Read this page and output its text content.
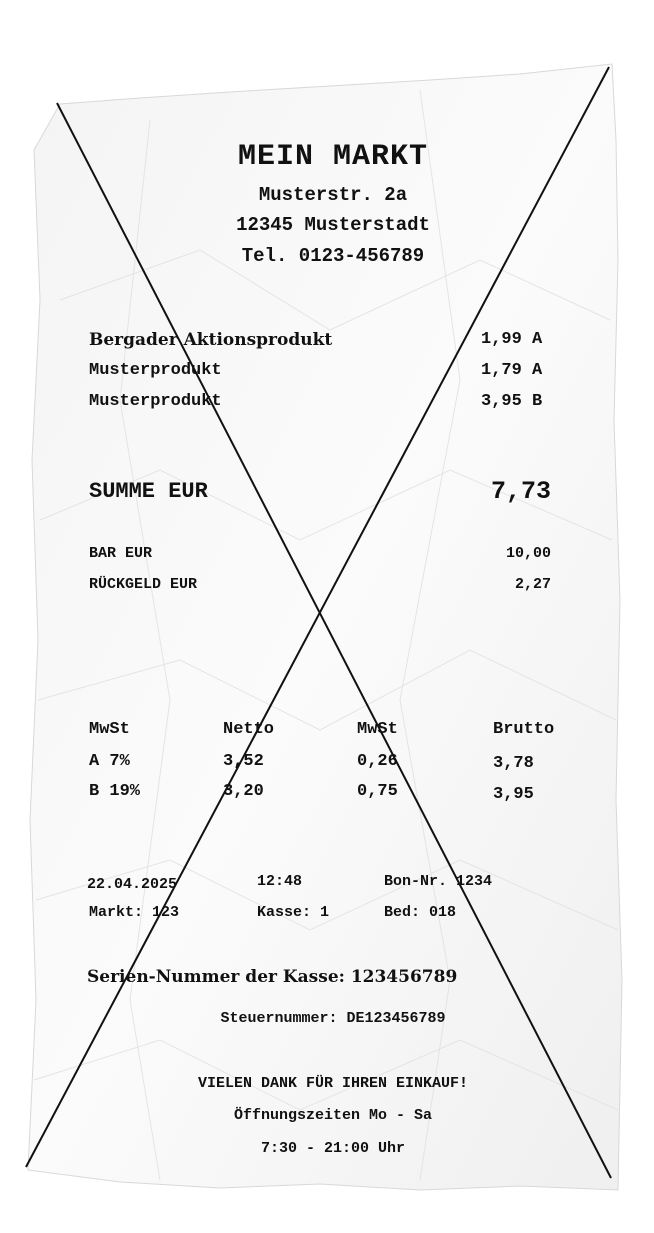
MEIN MARKT
Musterstr. 2a
12345 Musterstadt
Tel. 0123-456789
Bergader Aktionsprodukt	1,99 A
Musterprodukt	1,79 A
Musterprodukt	3,95 B
SUMME EUR	7,73
BAR EUR	10,00
RÜCKGELD EUR	2,27
MwSt	Netto	MwSt	Brutto
A 7%	3,52	0,26	3,78
B 19%	3,20	0,75	3,95
22.04.2025	12:48	Bon-Nr. 1234
Markt: 123	Kasse: 1	Bed: 018
Serien-Nummer der Kasse: 123456789
Steuernummer: DE123456789
VIELEN DANK FÜR IHREN EINKAUF!
Öffnungszeiten Mo - Sa
7:30 - 21:00 Uhr
